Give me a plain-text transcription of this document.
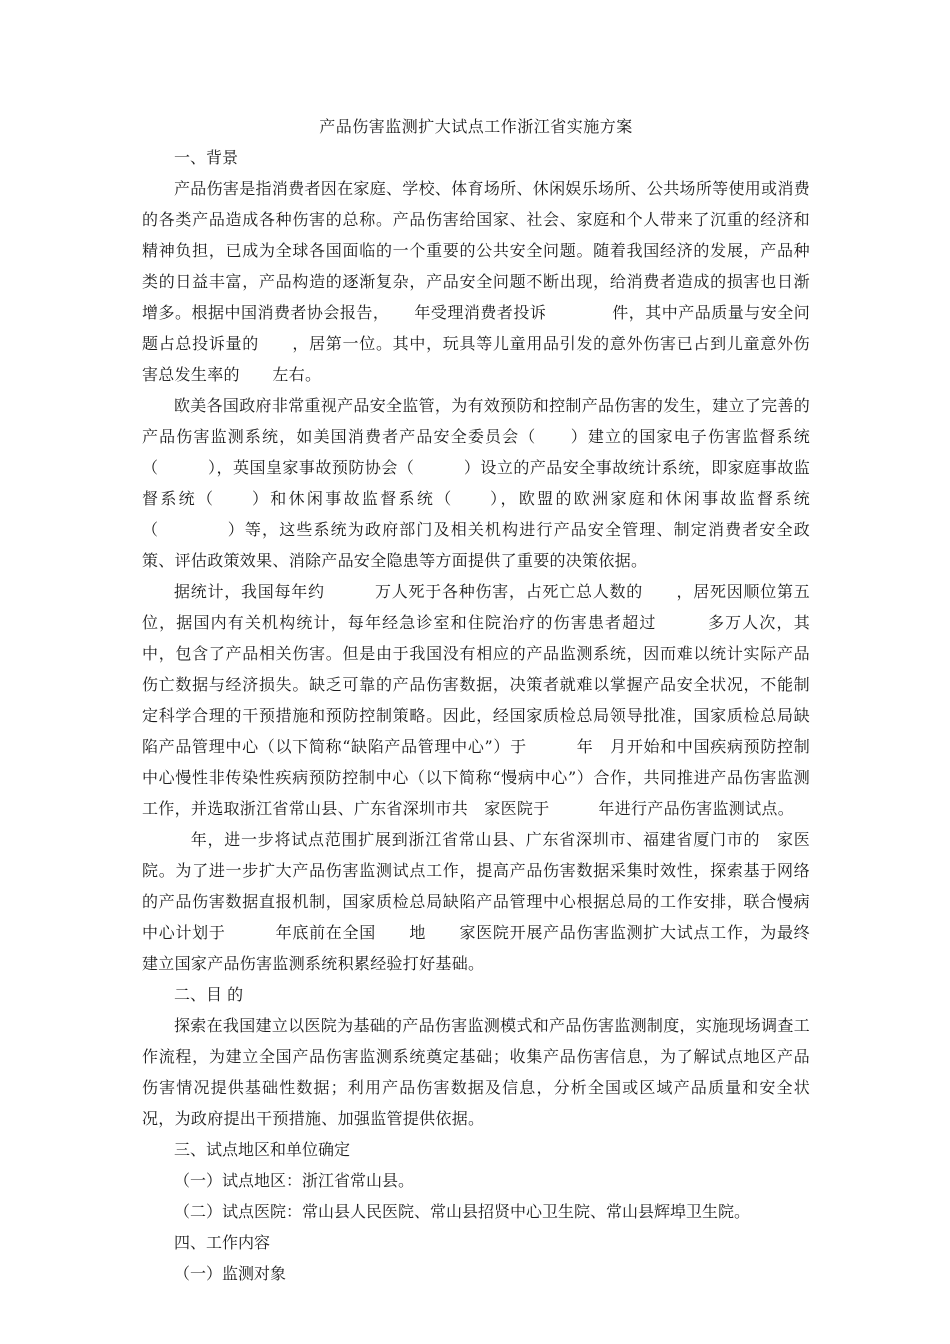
产品伤害监测扩大试点工作浙江省实施方案

一、背景

产品伤害是指消费者因在家庭、学校、体育场所、休闲娱乐场所、公共场所等使用或消费的各类产品造成各种伤害的总称。产品伤害给国家、社会、家庭和个人带来了沉重的经济和精神负担，已成为全球各国面临的一个重要的公共安全问题。随着我国经济的发展，产品种类的日益丰富，产品构造的逐渐复杂，产品安全问题不断出现，给消费者造成的损害也日渐增多。根据中国消费者协会报告，　　年受理消费者投诉　　　　件，其中产品质量与安全问题占总投诉量的　　，居第一位。其中，玩具等儿童用品引发的意外伤害已占到儿童意外伤害总发生率的　　左右。

欧美各国政府非常重视产品安全监管，为有效预防和控制产品伤害的发生，建立了完善的产品伤害监测系统，如美国消费者产品安全委员会（　　）建立的国家电子伤害监督系统（　　　），英国皇家事故预防协会（　　　）设立的产品安全事故统计系统，即家庭事故监督系统（　　）和休闲事故监督系统（　　），欧盟的欧洲家庭和休闲事故监督系统（　　　　）等，这些系统为政府部门及相关机构进行产品安全管理、制定消费者安全政策、评估政策效果、消除产品安全隐患等方面提供了重要的决策依据。

据统计，我国每年约　　　万人死于各种伤害，占死亡总人数的　　，居死因顺位第五位，据国内有关机构统计，每年经急诊室和住院治疗的伤害患者超过　　　多万人次，其中，包含了产品相关伤害。但是由于我国没有相应的产品监测系统，因而难以统计实际产品伤亡数据与经济损失。缺乏可靠的产品伤害数据，决策者就难以掌握产品安全状况，不能制定科学合理的干预措施和预防控制策略。因此，经国家质检总局领导批准，国家质检总局缺陷产品管理中心（以下简称“缺陷产品管理中心”）于　　　年　月开始和中国疾病预防控制中心慢性非传染性疾病预防控制中心（以下简称“慢病中心”）合作，共同推进产品伤害监测工作，并选取浙江省常山县、广东省深圳市共　家医院于　　　年进行产品伤害监测试点。

　年，进一步将试点范围扩展到浙江省常山县、广东省深圳市、福建省厦门市的　家医院。为了进一步扩大产品伤害监测试点工作，提高产品伤害数据采集时效性，探索基于网络的产品伤害数据直报机制，国家质检总局缺陷产品管理中心根据总局的工作安排，联合慢病中心计划于　　　年底前在全国　　地　　家医院开展产品伤害监测扩大试点工作，为最终建立国家产品伤害监测系统积累经验打好基础。

二、目 的

探索在我国建立以医院为基础的产品伤害监测模式和产品伤害监测制度，实施现场调查工作流程，为建立全国产品伤害监测系统奠定基础；收集产品伤害信息，为了解试点地区产品伤害情况提供基础性数据；利用产品伤害数据及信息，分析全国或区域产品质量和安全状况，为政府提出干预措施、加强监管提供依据。

三、试点地区和单位确定

（一）试点地区：浙江省常山县。

（二）试点医院：常山县人民医院、常山县招贤中心卫生院、常山县辉埠卫生院。

四、工作内容

（一）监测对象
